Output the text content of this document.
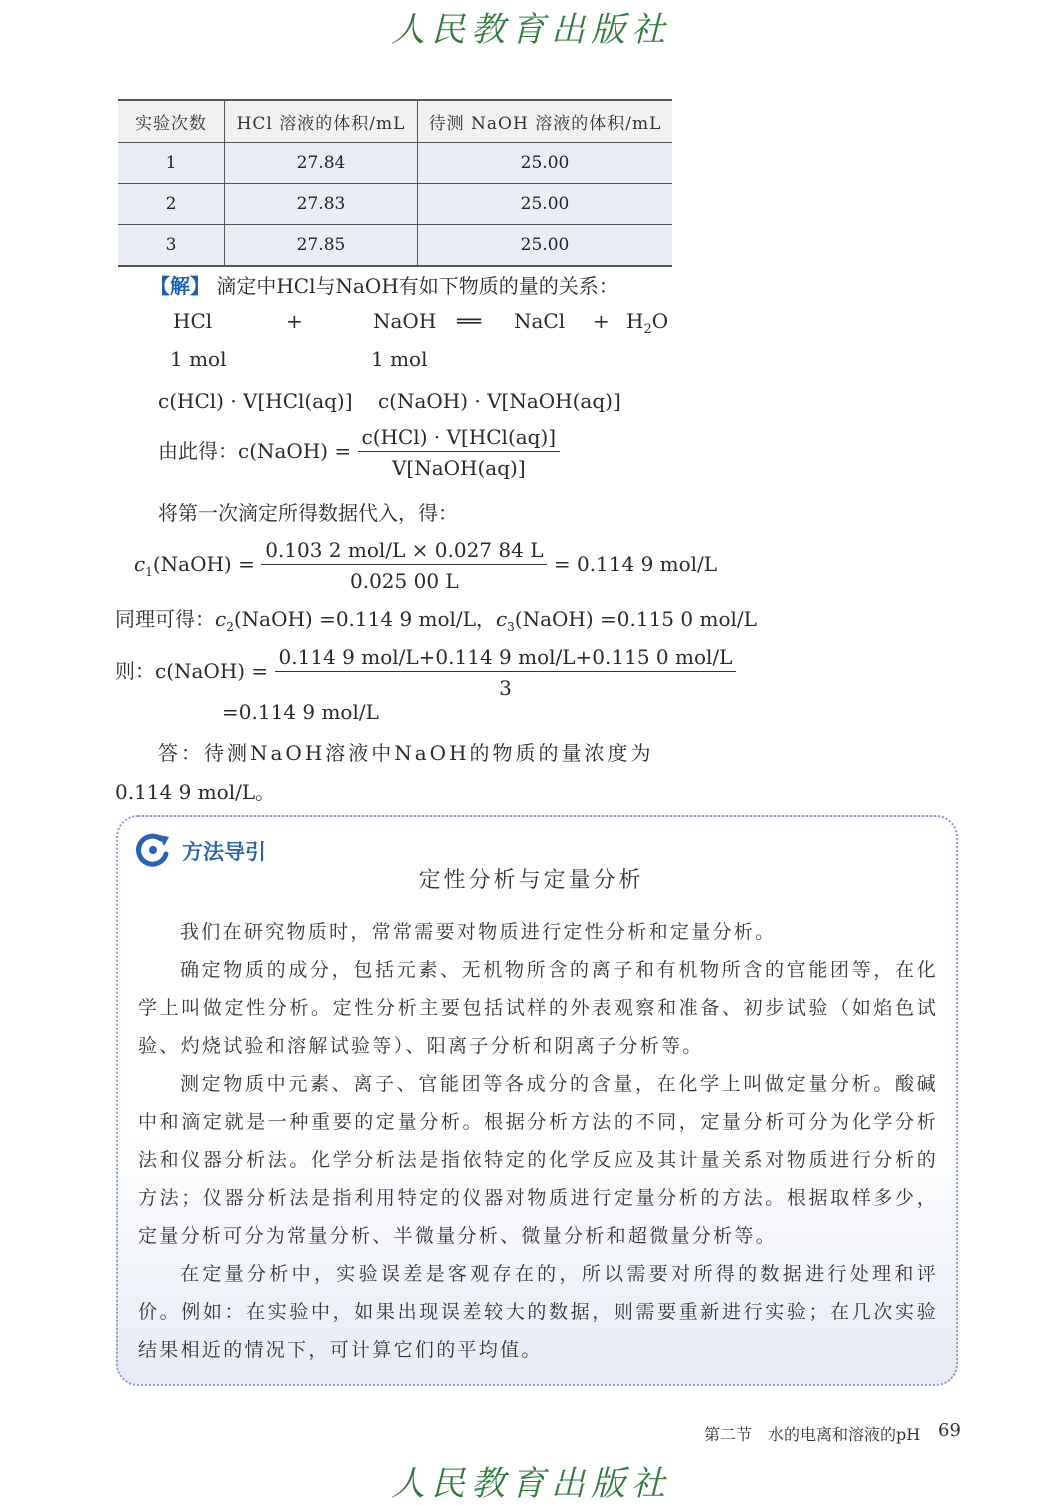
人民教育出版社
实验次数	HCl 溶液的体积/mL	待测 NaOH 溶液的体积/mL
1	27.84	25.00
2	27.83	25.00
3	27.85	25.00
【解】 滴定中HCl与NaOH有如下物质的量的关系：
HCl	+	NaOH ══ NaCl + $H_2O$
1 mol	1 mol
c(HCl) · V[HCl(aq)]    c(NaOH) · V[NaOH(aq)]
由此得：c(NaOH) = $\frac{\text{c(HCl) · V[HCl(aq)]}}{\text{V[NaOH(aq)]}}$
将第一次滴定所得数据代入，得：
$c_1(NaOH) = \frac{\text{0.103 2 mol/L × 0.027 84 L}}{0.025 00 L} = 0.114$ 9 mol/L
同理可得：$c_2(NaOH) =0.114$ 9 mol/L，$c_3(NaOH) =0.115$ 0 mol/L
则：c(NaOH) = $\frac{\text{0.114 9 mol/L+0.114 9 mol/L+0.115 0 mol/L}}{3}$
=0.114 9 mol/L
答：待测NaOH溶液中NaOH的物质的量浓度为
0.114 9 mol/L。
方法导引
定性分析与定量分析
我们在研究物质时，常常需要对物质进行定性分析和定量分析。
确定物质的成分，包括元素、无机物所含的离子和有机物所含的官能团等，在化学上叫做定性分析。定性分析主要包括试样的外表观察和准备、初步试验（如焰色试验、灼烧试验和溶解试验等）、阳离子分析和阴离子分析等。
测定物质中元素、离子、官能团等各成分的含量，在化学上叫做定量分析。酸碱中和滴定就是一种重要的定量分析。根据分析方法的不同，定量分析可分为化学分析法和仪器分析法。化学分析法是指依特定的化学反应及其计量关系对物质进行分析的方法；仪器分析法是指利用特定的仪器对物质进行定量分析的方法。根据取样多少，定量分析可分为常量分析、半微量分析、微量分析和超微量分析等。
在定量分析中，实验误差是客观存在的，所以需要对所得的数据进行处理和评价。例如：在实验中，如果出现误差较大的数据，则需要重新进行实验；在几次实验结果相近的情况下，可计算它们的平均值。
第二节 水的电离和溶液的pH 69
人民教育出版社
